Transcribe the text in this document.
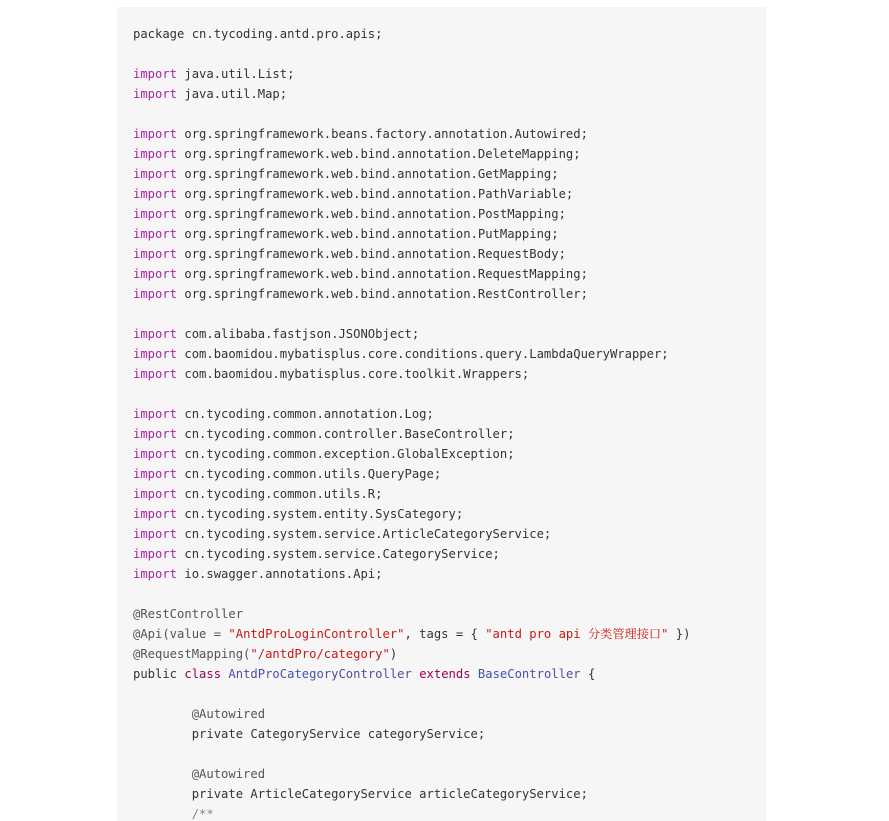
package cn.tycoding.antd.pro.apis;
import java.util.List;
import java.util.Map;
import org.springframework.beans.factory.annotation.Autowired;
import org.springframework.web.bind.annotation.DeleteMapping;
import org.springframework.web.bind.annotation.GetMapping;
import org.springframework.web.bind.annotation.PathVariable;
import org.springframework.web.bind.annotation.PostMapping;
import org.springframework.web.bind.annotation.PutMapping;
import org.springframework.web.bind.annotation.RequestBody;
import org.springframework.web.bind.annotation.RequestMapping;
import org.springframework.web.bind.annotation.RestController;
import com.alibaba.fastjson.JSONObject;
import com.baomidou.mybatisplus.core.conditions.query.LambdaQueryWrapper;
import com.baomidou.mybatisplus.core.toolkit.Wrappers;
import cn.tycoding.common.annotation.Log;
import cn.tycoding.common.controller.BaseController;
import cn.tycoding.common.exception.GlobalException;
import cn.tycoding.common.utils.QueryPage;
import cn.tycoding.common.utils.R;
import cn.tycoding.system.entity.SysCategory;
import cn.tycoding.system.service.ArticleCategoryService;
import cn.tycoding.system.service.CategoryService;
import io.swagger.annotations.Api;
@RestController
@Api(value = "AntdProLoginController", tags = { "antd pro api 分类管理接口" })
@RequestMapping("/antdPro/category")
public class AntdProCategoryController extends BaseController {
@Autowired
private CategoryService categoryService;
@Autowired
private ArticleCategoryService articleCategoryService;
/**
